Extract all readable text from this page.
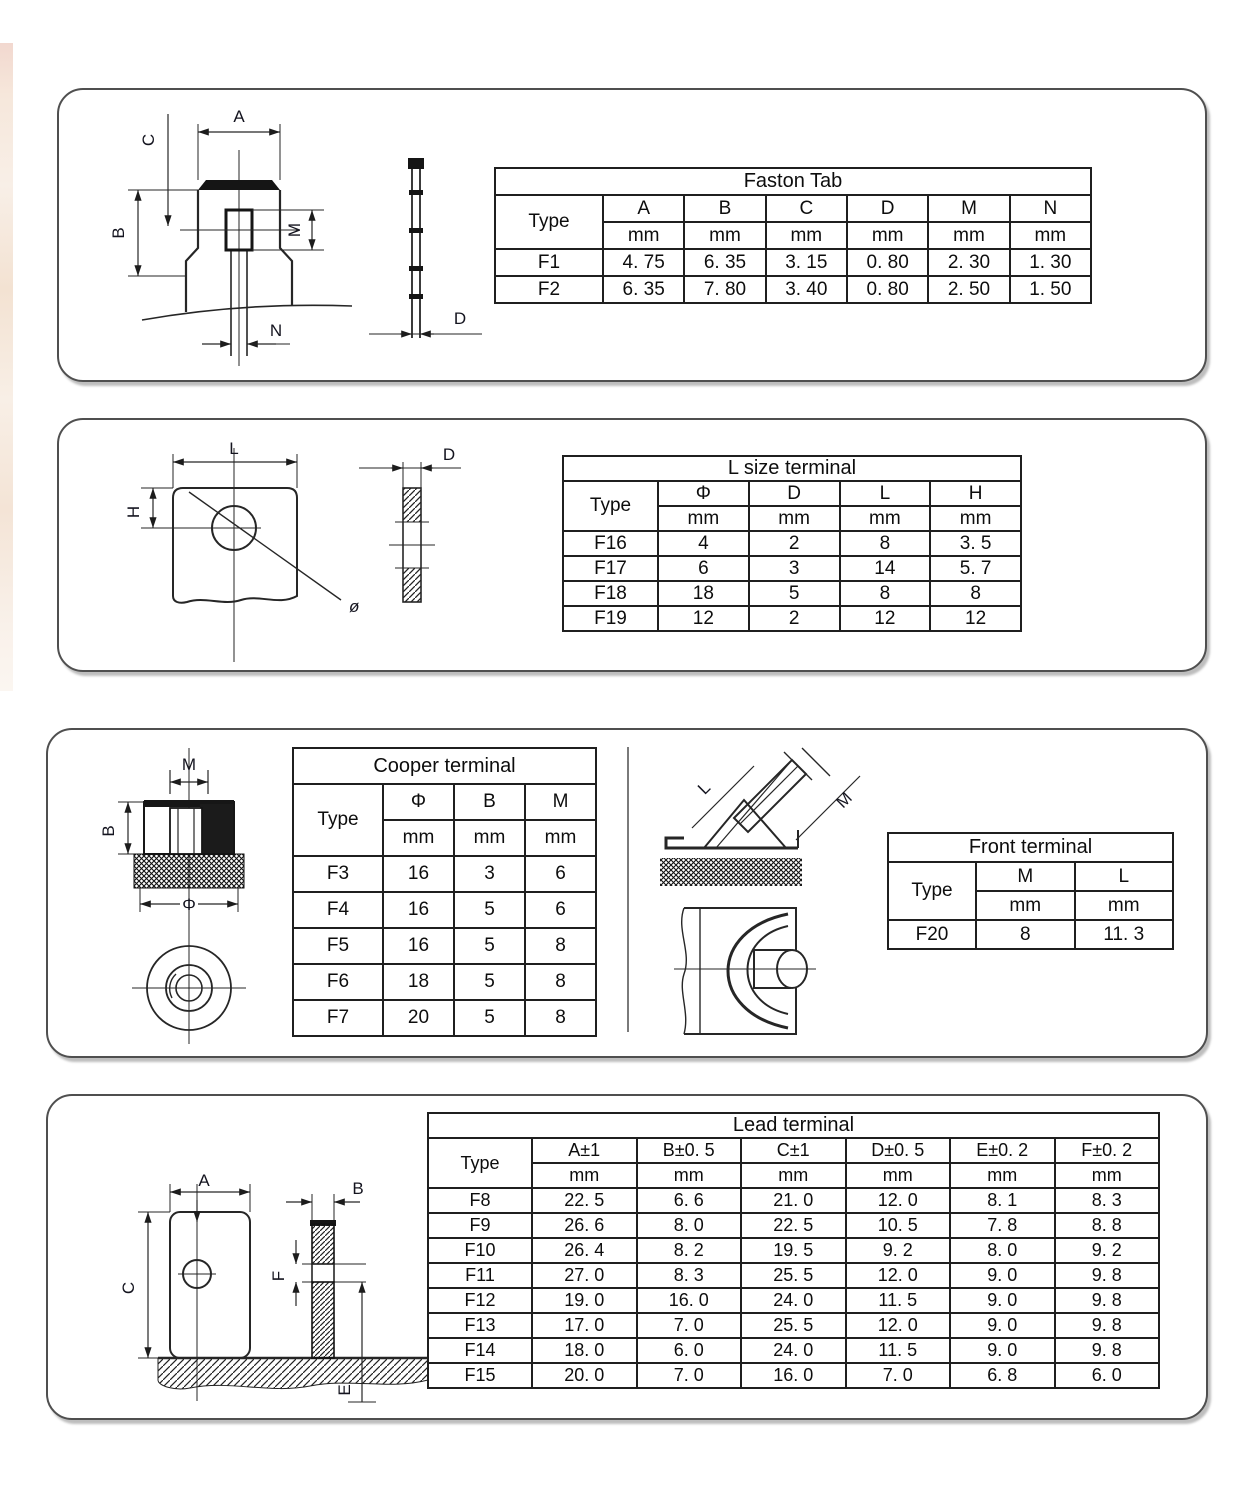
A
C
B	M
N
D
Faston Tab						
Type	A	B	C	D	M	N
	mm	mm	mm	mm	mm	mm
F1	4. 75	6. 35	3. 15	0. 80	2. 30	1. 30
F2	6. 35	7. 80	3. 40	0. 80	2. 50	1. 50
ø
L
H
D
L size terminal				
Type	Φ	D	L	H
	mm	mm	mm	mm
F16	4	2	8	3. 5
F17	6	3	14	5. 7
F18	18	5	8	8
F19	12	2	12	12
M
B
Φ
Cooper terminal			
Type	Φ	B	M
	mm	mm	mm
F3	16	3	6
F4	16	5	6
F5	16	5	8
F6	18	5	8
F7	20	5	8
L
M
Front terminal		
Type	M	L
	mm	mm
F20	8	11. 3
A
C
B
F
E
Lead terminal						
Type	A±1	B±0. 5	C±1	D±0. 5	E±0. 2	F±0. 2
	mm	mm	mm	mm	mm	mm
F8	22. 5	6. 6	21. 0	12. 0	8. 1	8. 3
F9	26. 6	8. 0	22. 5	10. 5	7. 8	8. 8
F10	26. 4	8. 2	19. 5	9. 2	8. 0	9. 2
F11	27. 0	8. 3	25. 5	12. 0	9. 0	9. 8
F12	19. 0	16. 0	24. 0	11. 5	9. 0	9. 8
F13	17. 0	7. 0	25. 5	12. 0	9. 0	9. 8
F14	18. 0	6. 0	24. 0	11. 5	9. 0	9. 8
F15	20. 0	7. 0	16. 0	7. 0	6. 8	6. 0
